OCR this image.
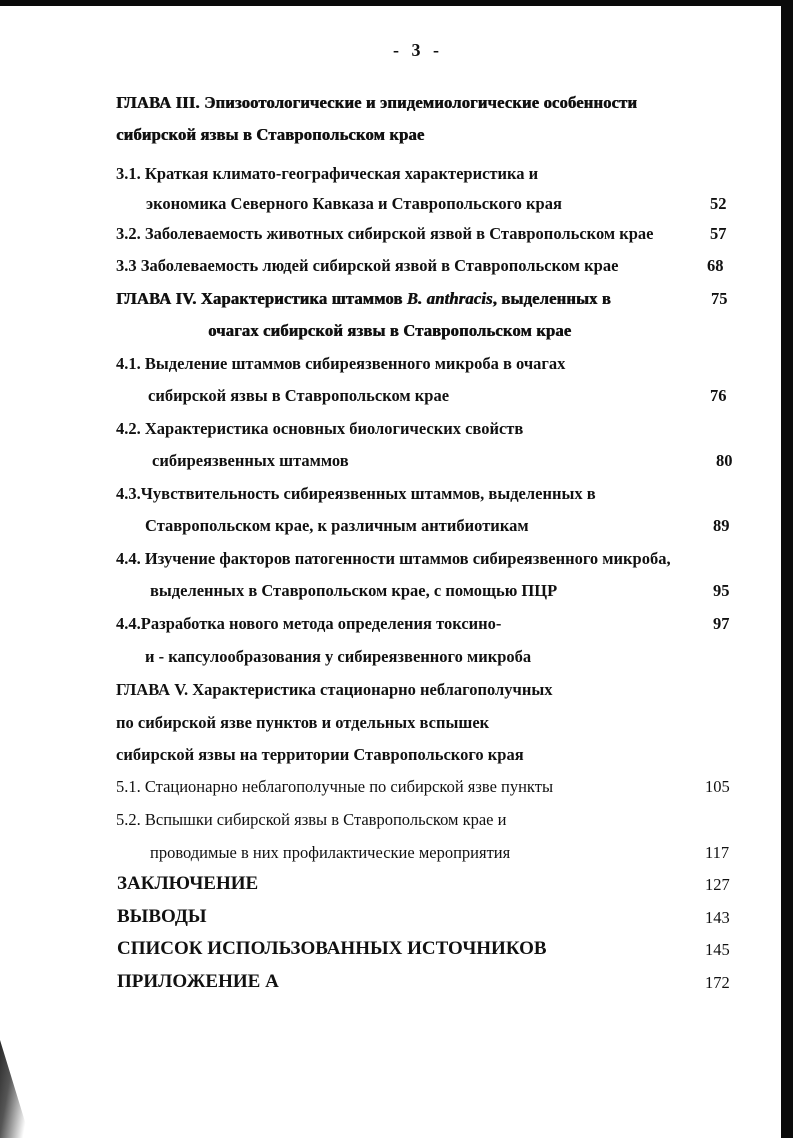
- 3 -
ГЛАВА III. Эпизоотологические и эпидемиологические особенности
сибирской язвы в Ставропольском крае
3.1. Краткая климато-географическая характеристика и
экономика Северного Кавказа и Ставропольского края	52
3.2. Заболеваемость животных сибирской язвой в Ставропольском крае	57
3.3 Заболеваемость людей сибирской язвой в Ставропольском крае	68
ГЛАВА IV. Характеристика штаммов B. anthracis, выделенных в	75
очагах сибирской язвы в Ставропольском крае
4.1. Выделение штаммов сибиреязвенного микроба в очагах
сибирской язвы в Ставропольском крае	76
4.2. Характеристика основных биологических свойств
сибиреязвенных штаммов	80
4.3.Чувствительность сибиреязвенных штаммов, выделенных в
Ставропольском крае, к различным антибиотикам	89
4.4. Изучение факторов патогенности штаммов сибиреязвенного микроба,
выделенных в Ставропольском крае, с помощью ПЦР	95
4.4.Разработка нового метода определения токсино-	97
и - капсулообразования у сибиреязвенного микроба
ГЛАВА V. Характеристика стационарно неблагополучных
по сибирской язве пунктов и отдельных вспышек
сибирской язвы на территории Ставропольского края
5.1. Стационарно неблагополучные по сибирской язве пункты	105
5.2. Вспышки сибирской язвы в Ставропольском крае и
проводимые в них профилактические мероприятия	117
ЗАКЛЮЧЕНИЕ	127
ВЫВОДЫ	143
СПИСОК ИСПОЛЬЗОВАННЫХ ИСТОЧНИКОВ	145
ПРИЛОЖЕНИЕ А	172
